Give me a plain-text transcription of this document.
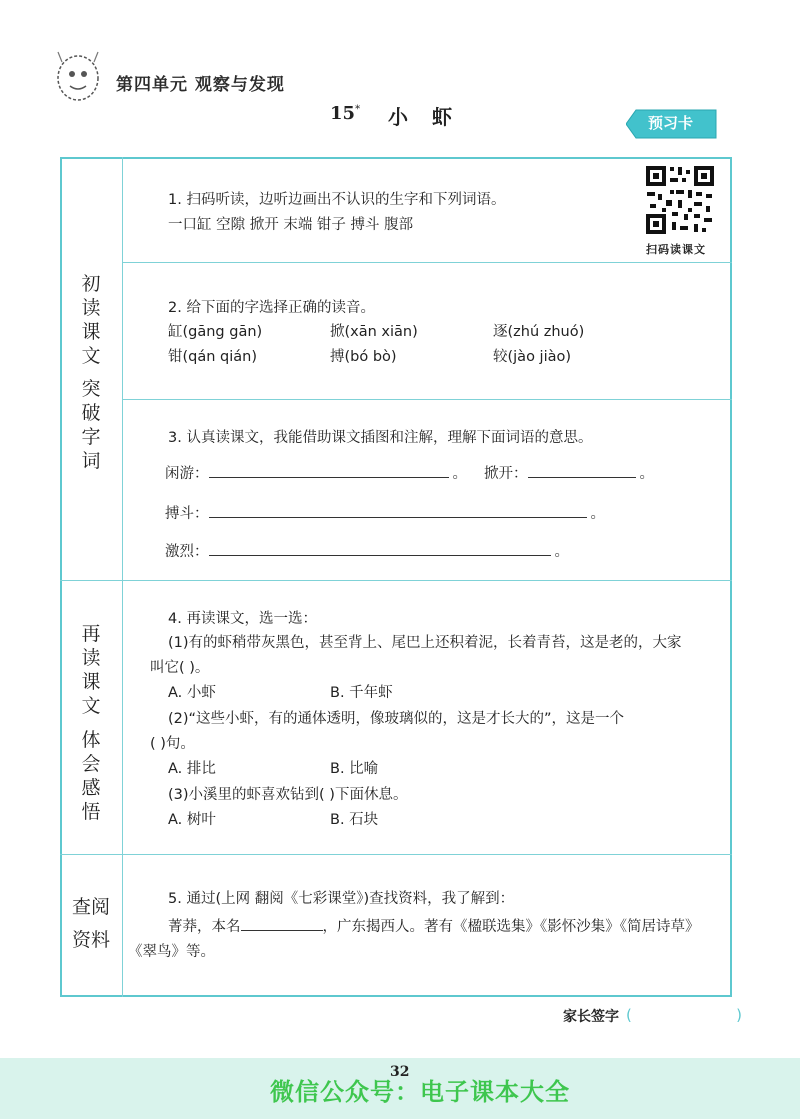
第四单元 观察与发现
15* 小虾	预习卡
初读课文
突破字词
再读课文
体会感悟
查阅
资料
1. 扫码听读，边听边画出不认识的生字和下列词语。
一口缸 空隙 掀开 末端 钳子 搏斗 腹部
扫码读课文
2. 给下面的字选择正确的读音。
缸(gāng gān)	掀(xān xiān)	逐(zhú zhuó)
钳(qán qián)	搏(bó bò)	较(jào jiào)
3. 认真读课文，我能借助课文插图和注解，理解下面词语的意思。
闲游：	。 掀开：	。
搏斗：	。
激烈：	。
4. 再读课文，选一选：
(1)有的虾稍带灰黑色，甚至背上、尾巴上还积着泥，长着青苔，这是老的，大家
叫它( )。
A. 小虾	B. 千年虾
(2)“这些小虾，有的通体透明，像玻璃似的，这是才长大的”，这是一个
( )句。
A. 排比	B. 比喻
(3)小溪里的虾喜欢钻到( )下面休息。
A. 树叶	B. 石块
5. 通过(上网 翻阅《七彩课堂》)查找资料，我了解到：
菁莽，本名	，广东揭西人。著有《楹联选集》《影怀沙集》《简居诗草》
《翠鸟》等。
家长签字 (	)
32
微信公众号：电子课本大全
